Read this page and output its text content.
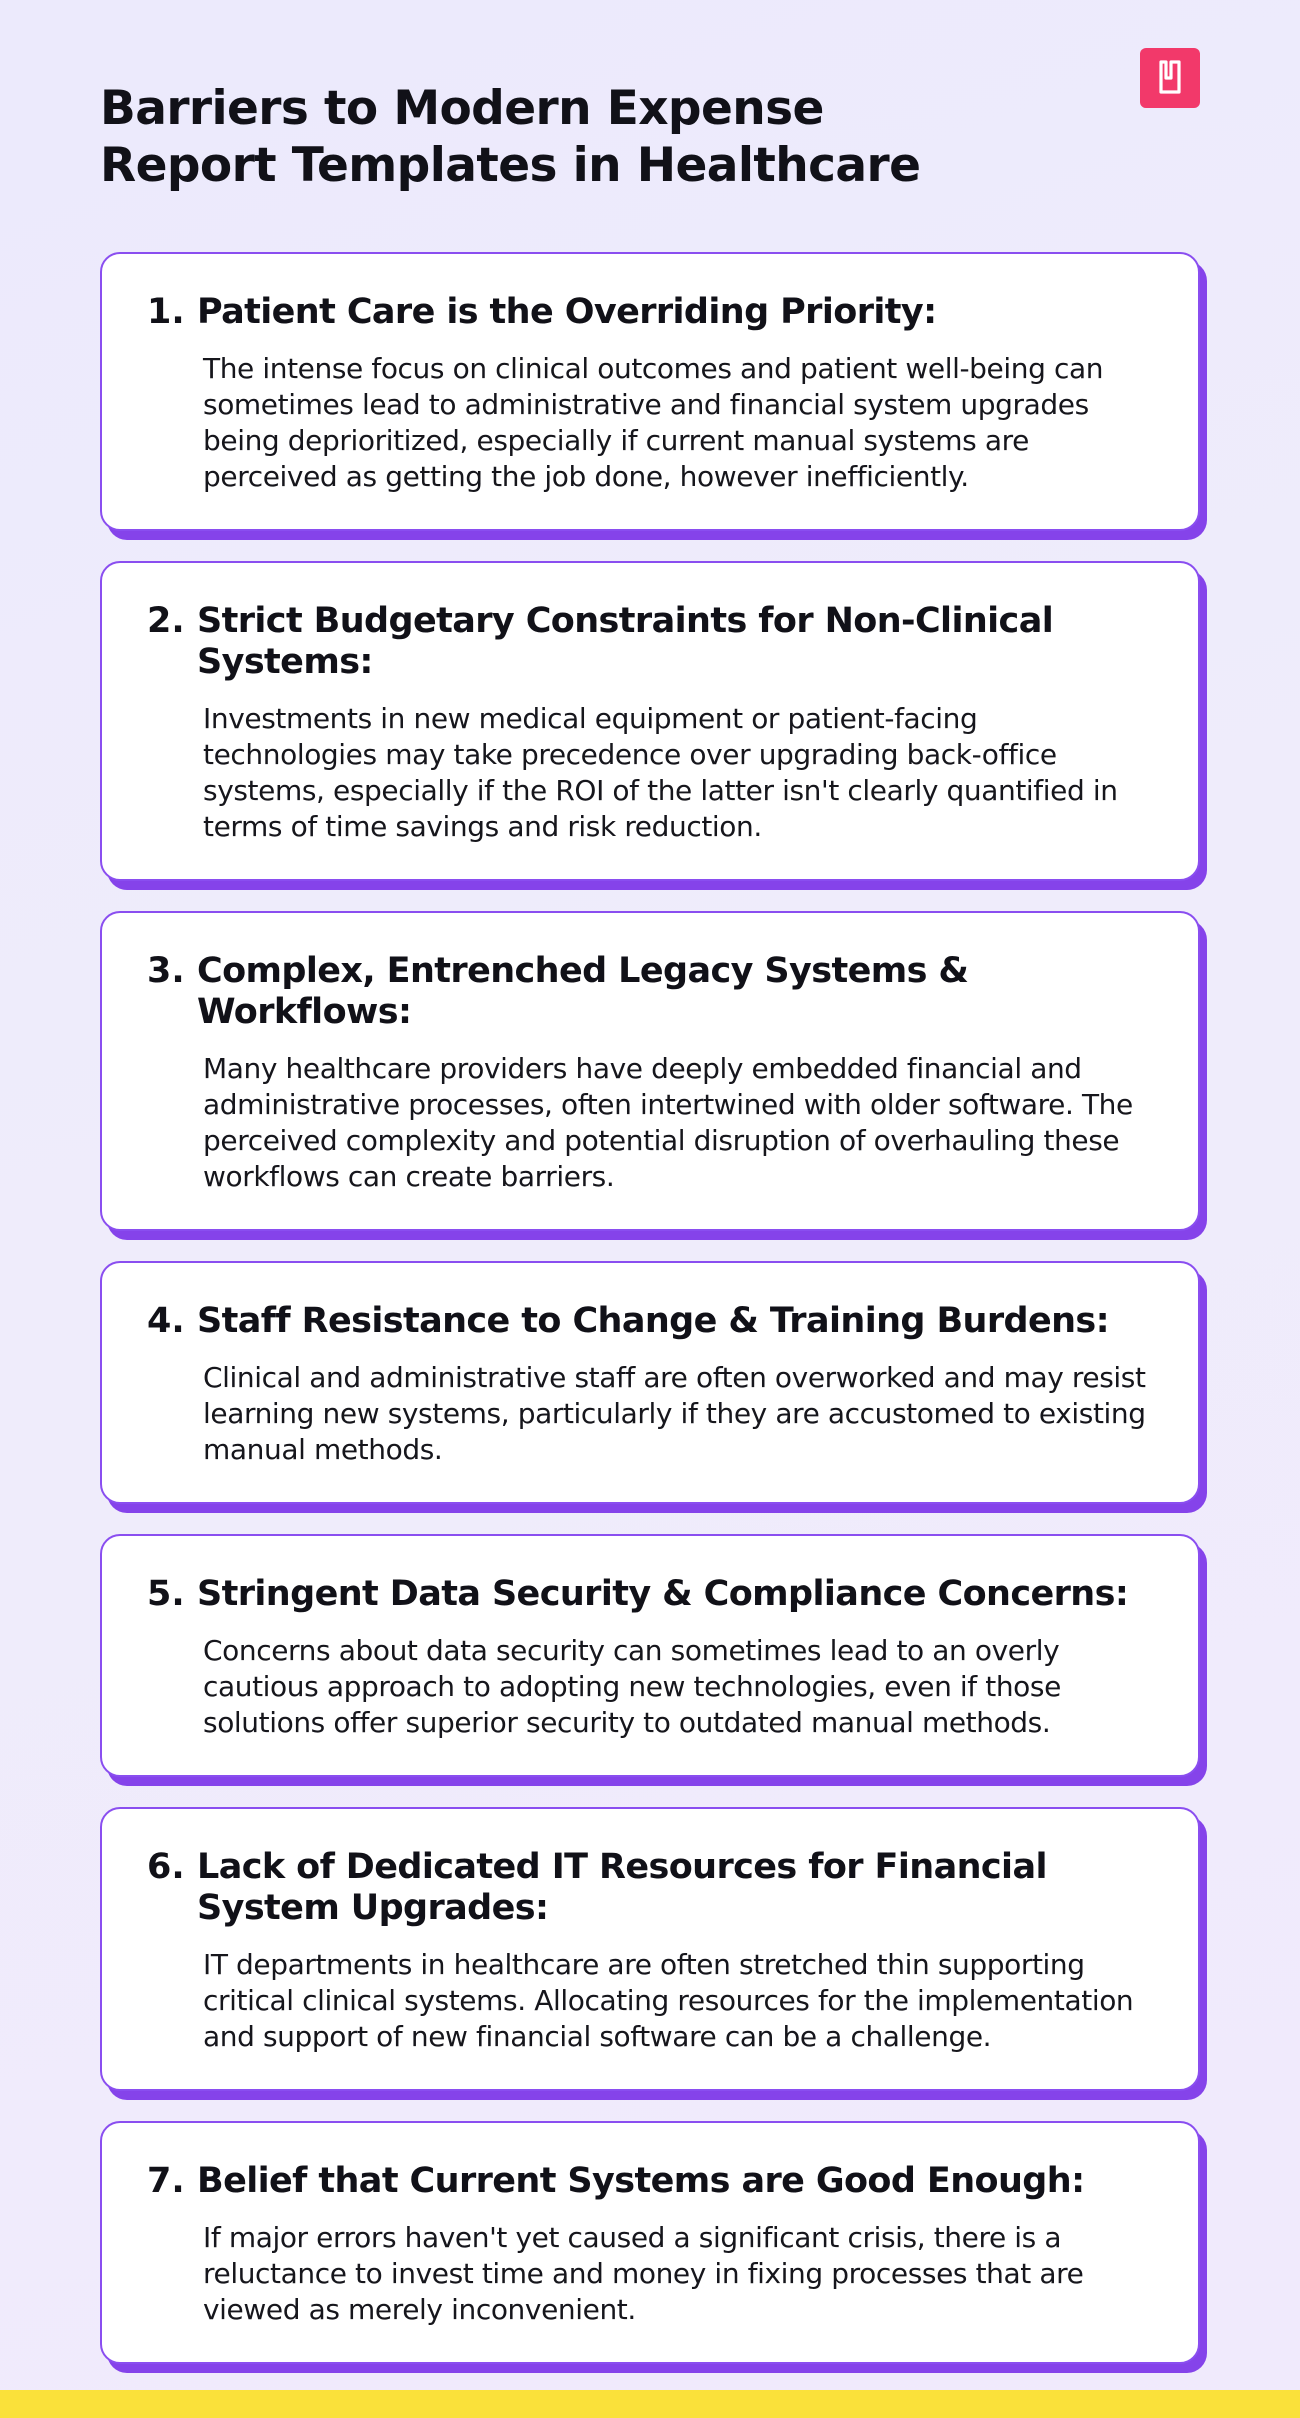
Barriers to Modern Expense Report Templates in Healthcare
1. Patient Care is the Overriding Priority:

The intense focus on clinical outcomes and patient well-being can sometimes lead to administrative and financial system upgrades being deprioritized, especially if current manual systems are perceived as getting the job done, however inefficiently.

2. Strict Budgetary Constraints for Non-Clinical Systems:

Investments in new medical equipment or patient-facing technologies may take precedence over upgrading back-office systems, especially if the ROI of the latter isn't clearly quantified in terms of time savings and risk reduction.

3. Complex, Entrenched Legacy Systems & Workflows:

Many healthcare providers have deeply embedded financial and administrative processes, often intertwined with older software. The perceived complexity and potential disruption of overhauling these workflows can create barriers.

4. Staff Resistance to Change & Training Burdens:

Clinical and administrative staff are often overworked and may resist learning new systems, particularly if they are accustomed to existing manual methods.

5. Stringent Data Security & Compliance Concerns:

Concerns about data security can sometimes lead to an overly cautious approach to adopting new technologies, even if those solutions offer superior security to outdated manual methods.

6. Lack of Dedicated IT Resources for Financial System Upgrades:

IT departments in healthcare are often stretched thin supporting critical clinical systems. Allocating resources for the implementation and support of new financial software can be a challenge.

7. Belief that Current Systems are Good Enough:

If major errors haven't yet caused a significant crisis, there is a reluctance to invest time and money in fixing processes that are viewed as merely inconvenient.
